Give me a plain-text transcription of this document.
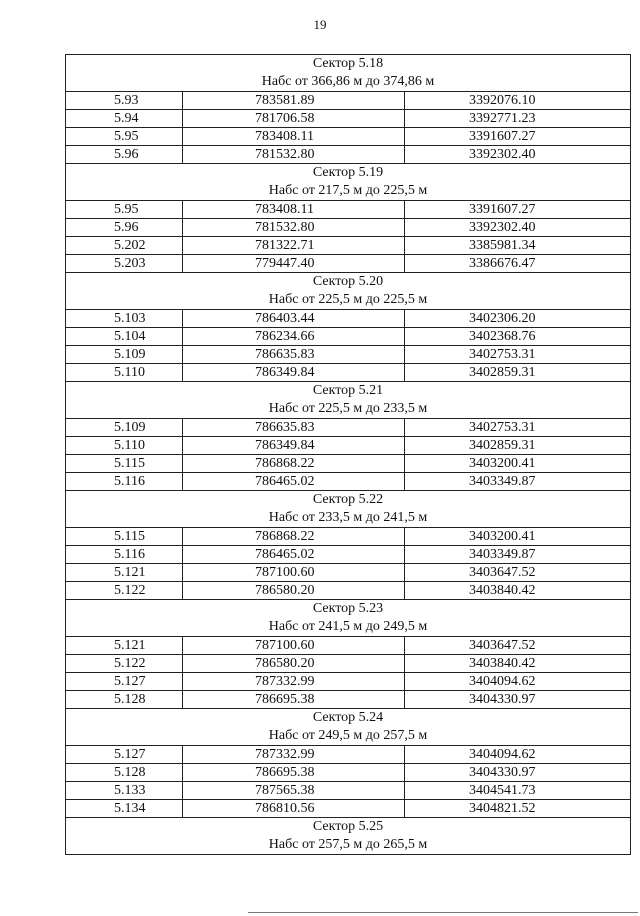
19
Сектор 5.18
Набс от 366,86 м до 374,86 м		

5.93	783581.89	3392076.10
5.94	781706.58	3392771.23
5.95	783408.11	3391607.27
5.96	781532.80	3392302.40

Сектор 5.19
Набс от 217,5 м до 225,5 м		

5.95	783408.11	3391607.27
5.96	781532.80	3392302.40
5.202	781322.71	3385981.34
5.203	779447.40	3386676.47

Сектор 5.20
Набс от 225,5 м до 225,5 м		

5.103	786403.44	3402306.20
5.104	786234.66	3402368.76
5.109	786635.83	3402753.31
5.110	786349.84	3402859.31

Сектор 5.21
Набс от 225,5 м до 233,5 м		

5.109	786635.83	3402753.31
5.110	786349.84	3402859.31
5.115	786868.22	3403200.41
5.116	786465.02	3403349.87

Сектор 5.22
Набс от 233,5 м до 241,5 м		

5.115	786868.22	3403200.41
5.116	786465.02	3403349.87
5.121	787100.60	3403647.52
5.122	786580.20	3403840.42

Сектор 5.23
Набс от 241,5 м до 249,5 м		

5.121	787100.60	3403647.52
5.122	786580.20	3403840.42
5.127	787332.99	3404094.62
5.128	786695.38	3404330.97

Сектор 5.24
Набс от 249,5 м до 257,5 м		

5.127	787332.99	3404094.62
5.128	786695.38	3404330.97
5.133	787565.38	3404541.73
5.134	786810.56	3404821.52

Сектор 5.25
Набс от 257,5 м до 265,5 м		
